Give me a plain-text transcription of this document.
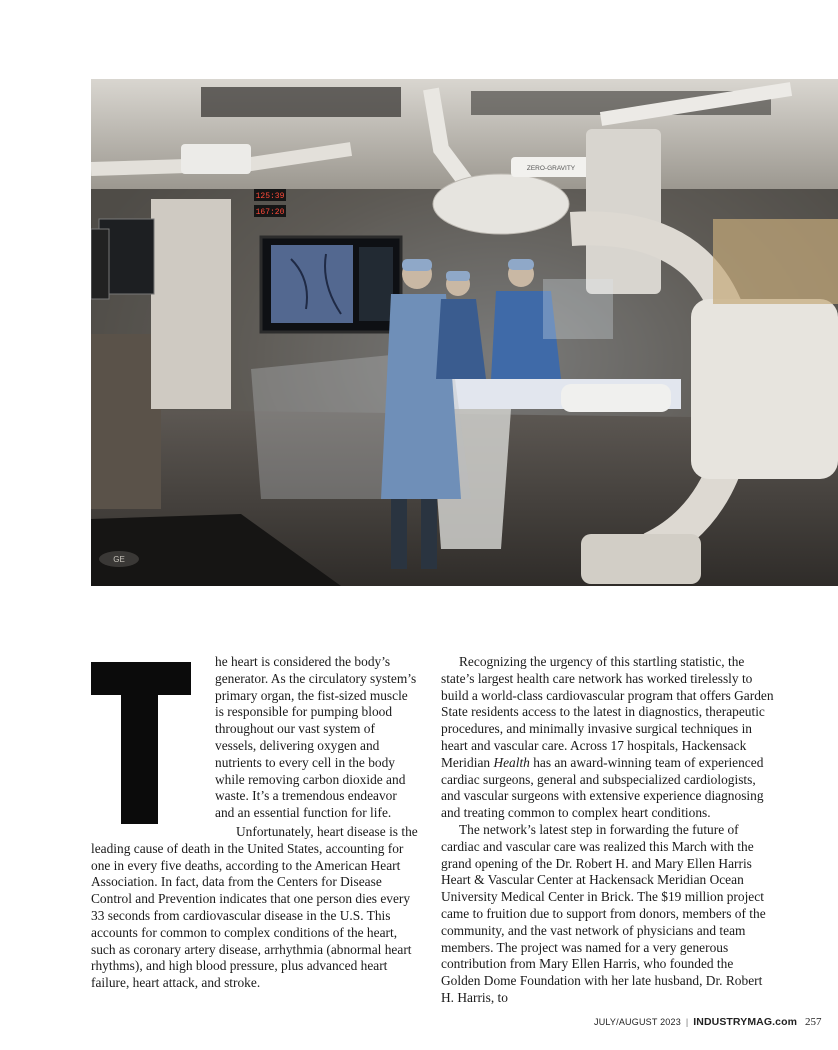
GE
125:39
167:20
ZERO-GRAVITY

he heart is considered the body’s generator. As the circulatory system’s primary organ, the fist-sized muscle is responsible for pumping blood throughout our vast system of vessels, delivering oxygen and nutrients to every cell in the body while removing carbon dioxide and waste. It’s a tremendous endeavor and an essential function for life.

Unfortunately, heart disease is the leading cause of death in the United States, accounting for one in every five deaths, according to the American Heart Association. In fact, data from the Centers for Disease Control and Prevention indicates that one person dies every 33 seconds from cardiovascular disease in the U.S. This accounts for common to complex conditions of the heart, such as coronary artery disease, arrhythmia (abnormal heart rhythms), and high blood pressure, plus advanced heart failure, heart attack, and stroke.

Recognizing the urgency of this startling statistic, the state’s largest health care network has worked tirelessly to build a world-class cardiovascular program that offers Garden State residents access to the latest in diagnostics, therapeutic procedures, and minimally invasive surgical techniques in heart and vascular care. Across 17 hospitals, Hackensack Meridian Health has an award-winning team of experienced cardiac surgeons, general and subspecialized cardiologists, and vascular surgeons with extensive experience diagnosing and treating common to complex heart conditions.

The network’s latest step in forwarding the future of cardiac and vascular care was realized this March with the grand opening of the Dr. Robert H. and Mary Ellen Harris Heart & Vascular Center at Hackensack Meridian Ocean University Medical Center in Brick. The $19 million project came to fruition due to support from donors, members of the community, and the vast network of physicians and team members. The project was named for a very generous contribution from Mary Ellen Harris, who founded the Golden Dome Foundation with her late husband, Dr. Robert H. Harris, to

JULY/AUGUST 2023 | INDUSTRYMAG.com 257
